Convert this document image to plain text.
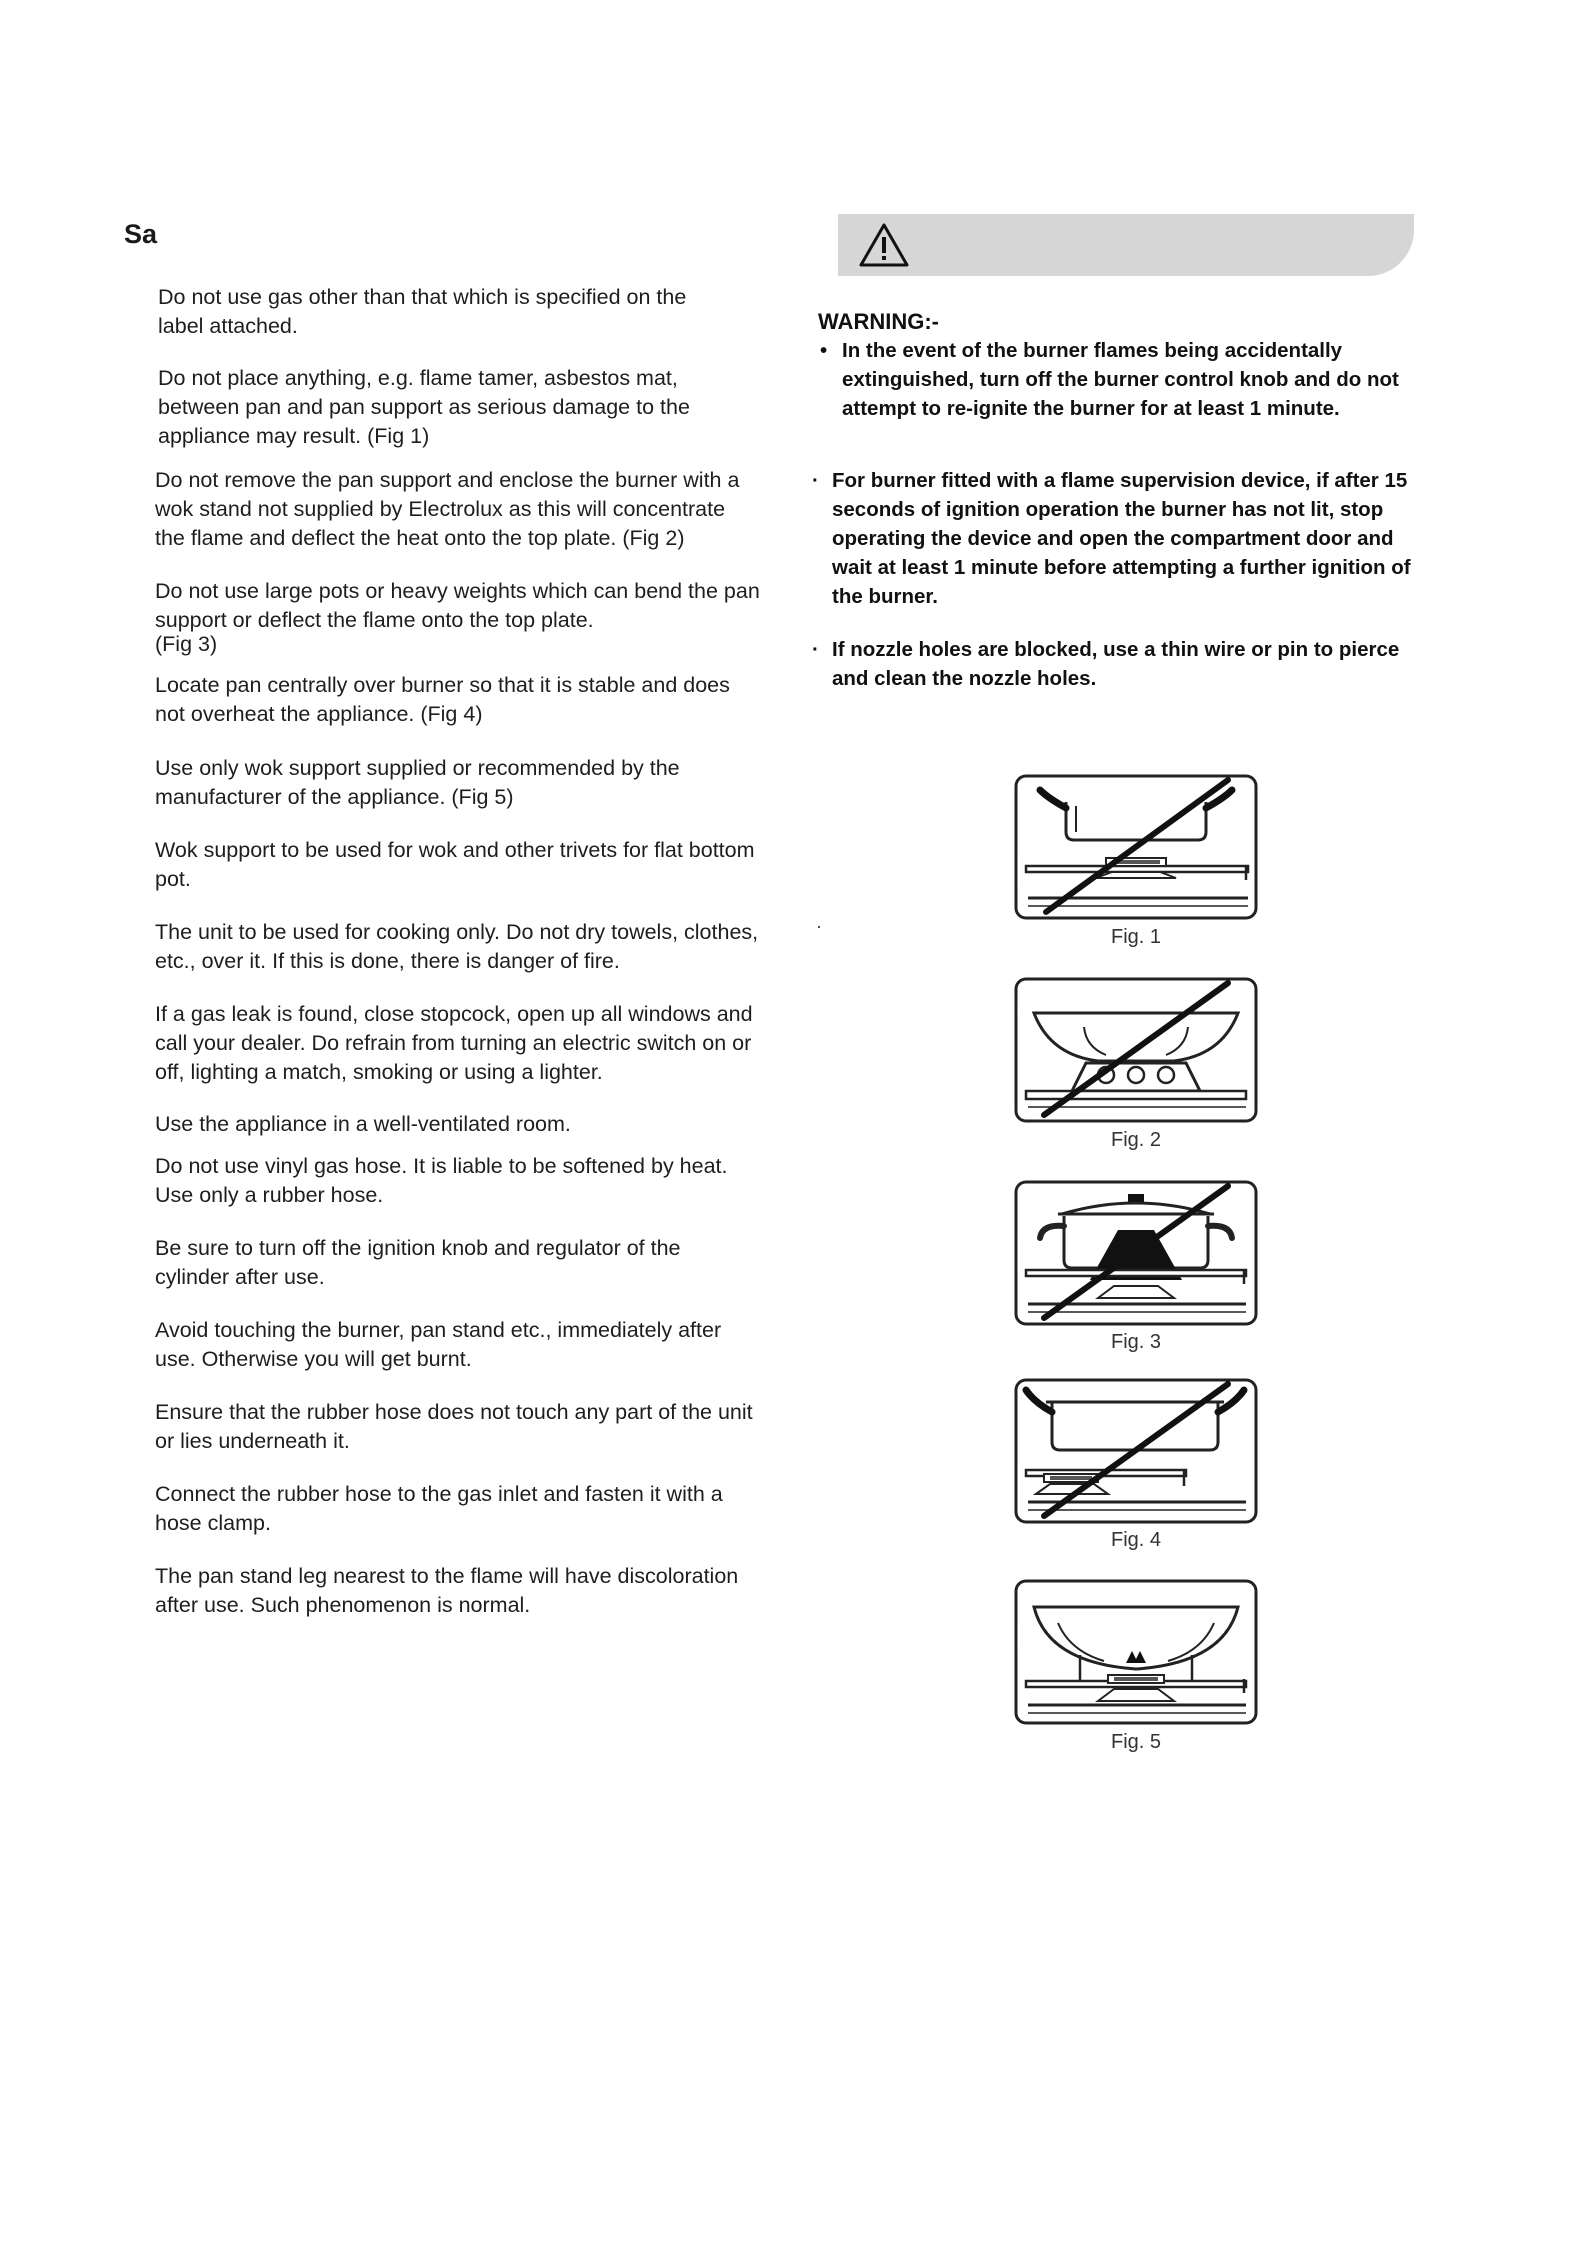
Sa

Do not use gas other than that which is specified on the
label attached.

Do not place anything, e.g. flame tamer, asbestos mat,
between pan and pan support as serious damage to the
appliance may result. (Fig 1)

Do not remove the pan support and enclose the burner with a
wok stand not supplied by Electrolux as this will concentrate
the flame and deflect the heat onto the top plate. (Fig 2)

Do not use large pots or heavy weights which can bend the pan
support or deflect the flame onto the top plate.
(Fig 3)

Locate pan centrally over burner so that it is stable and does
not overheat the appliance. (Fig 4)

Use only wok support supplied or recommended by the
manufacturer of the appliance. (Fig 5)

Wok support to be used for wok and other trivets for flat bottom
pot.

The unit to be used for cooking only. Do not dry towels, clothes,
etc., over it. If this is done, there is danger of fire.

If a gas leak is found, close stopcock, open up all windows and
call your dealer. Do refrain from turning an electric switch on or
off, lighting a match, smoking or using a lighter.

Use the appliance in a well-ventilated room.

Do not use vinyl gas hose. It is liable to be softened by heat.
Use only a rubber hose.

Be sure to turn off the ignition knob and regulator of the
cylinder after use.

Avoid touching the burner, pan stand etc., immediately after
use. Otherwise you will get burnt.

Ensure that the rubber hose does not touch any part of the unit
or lies underneath it.

Connect the rubber hose to the gas inlet and fasten it with a
hose clamp.

The pan stand leg nearest to the flame will have discoloration
after use. Such phenomenon is normal.

WARNING:-

• In the event of the burner flames being accidentally
extinguished, turn off the burner control knob and do not
attempt to re-ignite the burner for at least 1 minute.
· For burner fitted with a flame supervision device, if after 15
seconds of ignition operation the burner has not lit, stop
operating the device and open the compartment door and
wait at least 1 minute before attempting a further ignition of
the burner.
· If nozzle holes are blocked, use a thin wire or pin to pierce
and clean the nozzle holes.
·	Fig. 1

Fig. 2

Fig. 3

Fig. 4

Fig. 5
